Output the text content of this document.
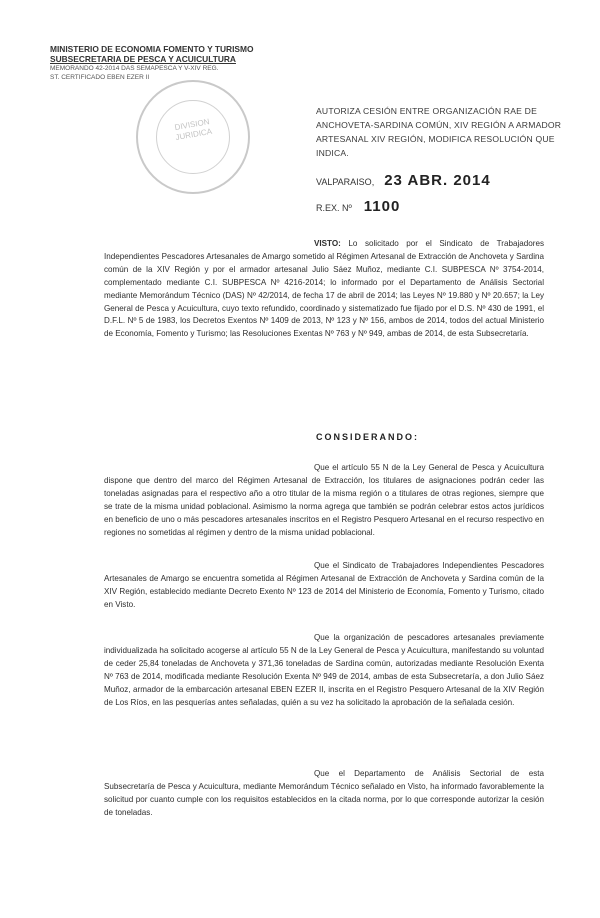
MINISTERIO DE ECONOMIA FOMENTO Y TURISMO
SUBSECRETARIA DE PESCA Y ACUICULTURA
MEMORANDO 42-2014 DAS SEMAPESCA Y V-XIV REG.
ST. CERTIFICADO EBEN EZER II
DIVISION JURIDICA
AUTORIZA CESIÓN ENTRE ORGANIZACIÓN RAE DE ANCHOVETA-SARDINA COMÚN, XIV REGIÓN A ARMADOR ARTESANAL XIV REGIÓN, MODIFICA RESOLUCIÓN QUE INDICA.
VALPARAISO, 23 ABR. 2014
R.EX. Nº 1100
VISTO: Lo solicitado por el Sindicato de Trabajadores Independientes Pescadores Artesanales de Amargo sometido al Régimen Artesanal de Extracción de Anchoveta y Sardina común de la XIV Región y por el armador artesanal Julio Sáez Muñoz, mediante C.I. SUBPESCA Nº 3754-2014, complementado mediante C.I. SUBPESCA Nº 4216-2014; lo informado por el Departamento de Análisis Sectorial mediante Memorándum Técnico (DAS) Nº 42/2014, de fecha 17 de abril de 2014; las Leyes Nº 19.880 y Nº 20.657; la Ley General de Pesca y Acuicultura, cuyo texto refundido, coordinado y sistematizado fue fijado por el D.S. Nº 430 de 1991, el D.F.L. Nº 5 de 1983, los Decretos Exentos Nº 1409 de 2013, Nº 123 y Nº 156, ambos de 2014, todos del actual Ministerio de Economía, Fomento y Turismo; las Resoluciones Exentas Nº 763 y Nº 949, ambas de 2014, de esta Subsecretaría.
CONSIDERANDO:
Que el artículo 55 N de la Ley General de Pesca y Acuicultura dispone que dentro del marco del Régimen Artesanal de Extracción, los titulares de asignaciones podrán ceder las toneladas asignadas para el respectivo año a otro titular de la misma región o a titulares de otras regiones, siempre que se trate de la misma unidad poblacional. Asimismo la norma agrega que también se podrán celebrar estos actos jurídicos en beneficio de uno o más pescadores artesanales inscritos en el Registro Pesquero Artesanal en el recurso respectivo en regiones no sometidas al régimen y dentro de la misma unidad poblacional.
Que el Sindicato de Trabajadores Independientes Pescadores Artesanales de Amargo se encuentra sometida al Régimen Artesanal de Extracción de Anchoveta y Sardina común de la XIV Región, establecido mediante Decreto Exento Nº 123 de 2014 del Ministerio de Economía, Fomento y Turismo, citado en Visto.
Que la organización de pescadores artesanales previamente individualizada ha solicitado acogerse al artículo 55 N de la Ley General de Pesca y Acuicultura, manifestando su voluntad de ceder 25,84 toneladas de Anchoveta y 371,36 toneladas de Sardina común, autorizadas mediante Resolución Exenta Nº 763 de 2014, modificada mediante Resolución Exenta Nº 949 de 2014, ambas de esta Subsecretaría, a don Julio Sáez Muñoz, armador de la embarcación artesanal EBEN EZER II, inscrita en el Registro Pesquero Artesanal de la XIV Región de Los Ríos, en las pesquerías antes señaladas, quién a su vez ha solicitado la aprobación de la señalada cesión.
Que el Departamento de Análisis Sectorial de esta Subsecretaría de Pesca y Acuicultura, mediante Memorándum Técnico señalado en Visto, ha informado favorablemente la solicitud por cuanto cumple con los requisitos establecidos en la citada norma, por lo que corresponde autorizar la cesión de toneladas.
